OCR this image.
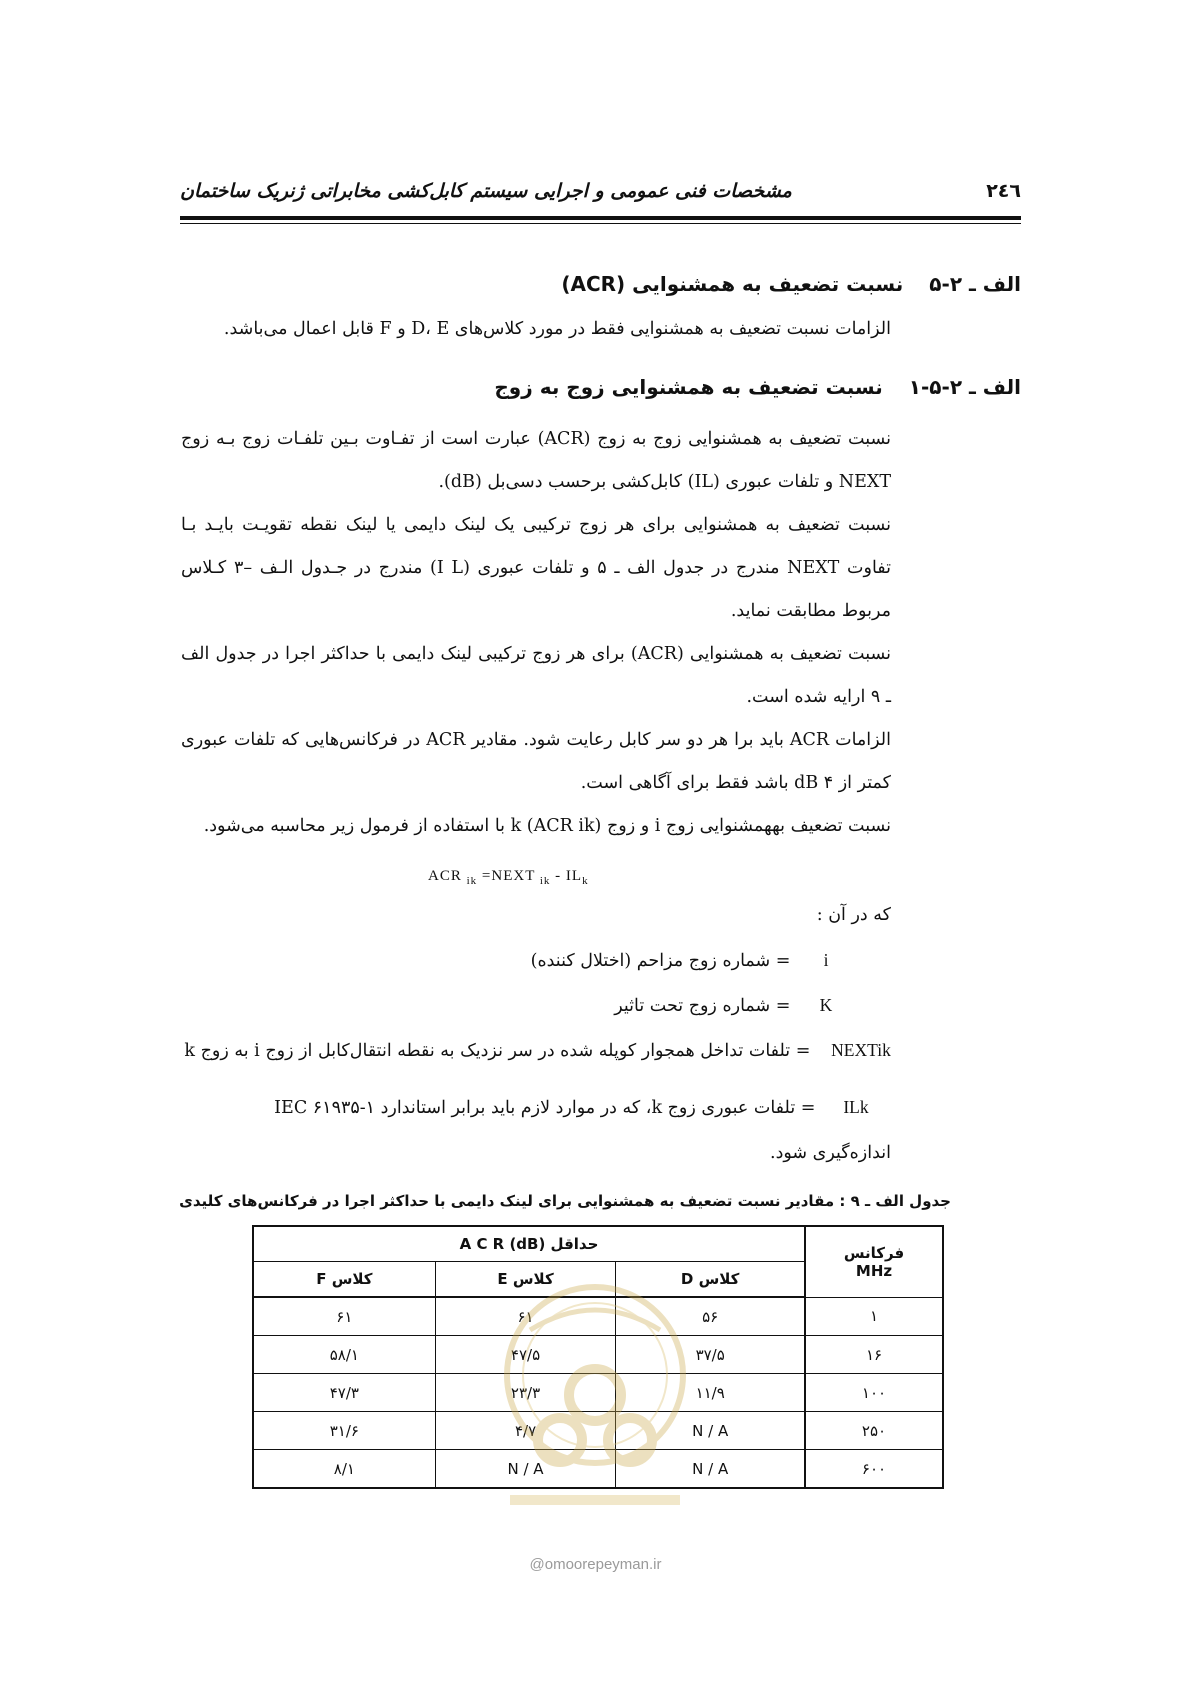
مشخصات فنی عمومی و اجرایی سیستم کابل‌کشی مخابراتی ژنریک ساختمان	۲٤٦
الف ـ ۲-۵نسبت تضعیف به همشنوایی (ACR)
الزامات نسبت تضعیف به همشنوایی فقط در مورد کلاس‌های D، E و F قابل اعمال می‌باشد.
الف ـ ۲-۵-۱نسبت تضعیف به همشنوایی زوج به زوج
نسبت تضعیف به همشنوایی زوج به زوج (ACR) عبارت است از تفـاوت بـین تلفـات زوج بـه زوج NEXT و تلفات عبوری (IL) کابل‌کشی برحسب دسی‌بل (dB).
نسبت تضعیف به همشنوایی برای هر زوج ترکیبی یک لینک دایمی یا لینک نقطه تقویـت بایـد بـا تفاوت NEXT مندرج در جدول الف ـ ۵ و تلفات عبوری (I L) مندرج در جـدول الـف –۳ کـلاس مربوط مطابقت نماید.
نسبت تضعیف به همشنوایی (ACR) برای هر زوج ترکیبی لینک دایمی با حداکثر اجرا در جدول الف ـ ۹ ارایه شده است.
الزامات ACR باید برا هر دو سر کابل رعایت شود. مقادیر ACR در فرکانس‌هایی که تلفات عبوری کمتر از dB ۴ باشد فقط برای آگاهی است.
نسبت تضعیف بههمشنوایی زوج i و زوج k (ACR ik) با استفاده از فرمول زیر محاسبه می‌شود.
ACR $_{ik}$ =NEXT $_{ik} - IL_k$
که در آن :
i = شماره زوج مزاحم (اختلال کننده)
K = شماره زوج تحت تاثیر
NEXTik = تلفات تداخل همجوار کوپله شده در سر نزدیک به نقطه انتقال‌کابل از زوج i به زوج k
ILk = تلفات عبوری زوج k، که در موارد لازم باید برابر استاندارد IEC ۶۱۹۳۵-۱ اندازه‌گیری شود.
جدول الف ـ ۹ : مقادیر نسبت تضعیف به همشنوایی برای لینک دایمی با حداکثر اجرا در فرکانس‌های کلیدی
فرکانس
MHz	حداقل A C R (dB)		
	کلاس D	کلاس E	کلاس F
۱	۵۶	۶۱	۶۱
۱۶	۳۷/۵	۴۷/۵	۵۸/۱
۱۰۰	۱۱/۹	۲۳/۳	۴۷/۳
۲۵۰	N / A	۴/۷	۳۱/۶
۶۰۰	N / A	N / A	۸/۱
@omoorepeyman.ir
